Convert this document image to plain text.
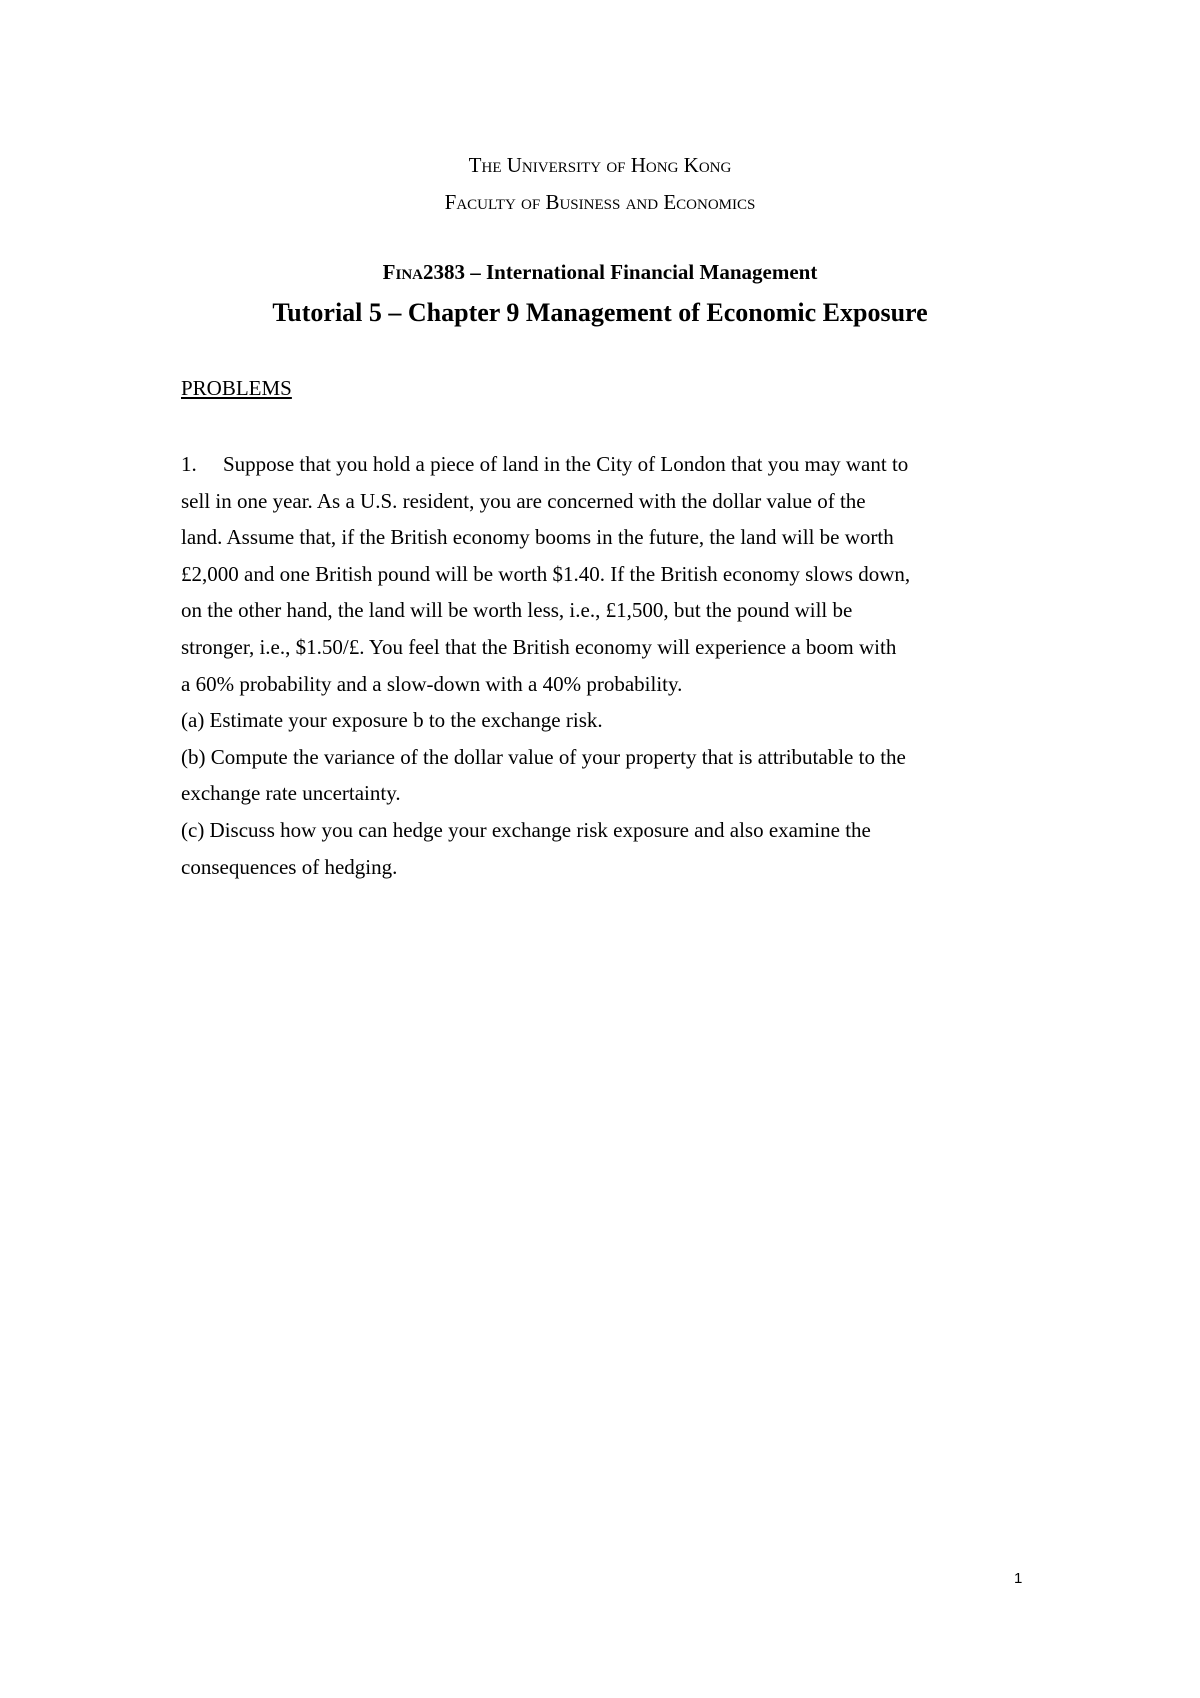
The University of Hong Kong
Faculty of Business and Economics
Fina2383 – International Financial Management
Tutorial 5 – Chapter 9 Management of Economic Exposure
PROBLEMS
1. Suppose that you hold a piece of land in the City of London that you may want to
sell in one year. As a U.S. resident, you are concerned with the dollar value of the
land. Assume that, if the British economy booms in the future, the land will be worth
£2,000 and one British pound will be worth $1.40. If the British economy slows down,
on the other hand, the land will be worth less, i.e., £1,500, but the pound will be
stronger, i.e., $1.50/£. You feel that the British economy will experience a boom with
a 60% probability and a slow-down with a 40% probability.
(a) Estimate your exposure b to the exchange risk.
(b) Compute the variance of the dollar value of your property that is attributable to the
exchange rate uncertainty.
(c) Discuss how you can hedge your exchange risk exposure and also examine the
consequences of hedging.
1
